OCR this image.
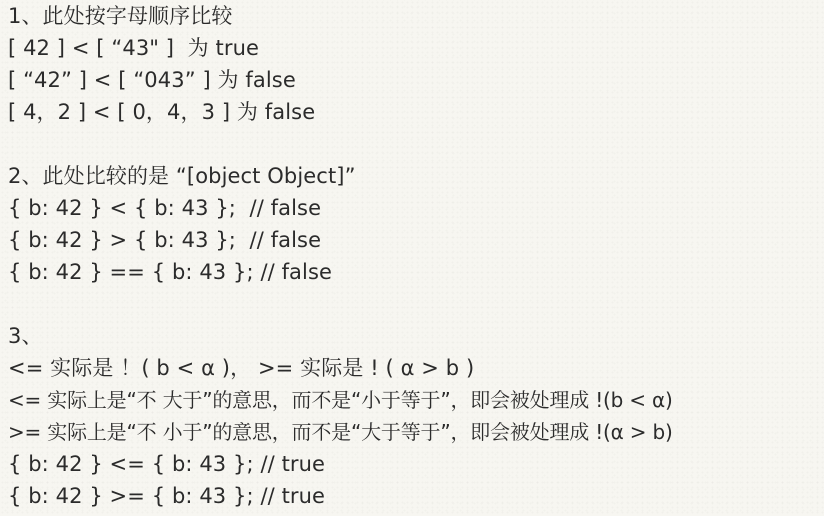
1、此处按字母顺序比较
[ 42 ] < [ “43" ]  为 true
[ “42” ] < [ “043” ] 为 false
[ 4，2 ] < [ 0，4，3 ] 为 false
2、此处比较的是 “[object Object]”
{ b: 42 } < { b: 43 };  // false
{ b: 42 } > { b: 43 };  // false
{ b: 42 } == { b: 43 }; // false
3、
<= 实际是 ！( b < α )， >= 实际是 ! ( α > b )
<= 实际上是“不 大于”的意思，而不是“小于等于”，即会被处理成 !(b < α)
>= 实际上是“不 小于”的意思，而不是“大于等于”，即会被处理成 !(α > b)
{ b: 42 } <= { b: 43 }; // true
{ b: 42 } >= { b: 43 }; // true
